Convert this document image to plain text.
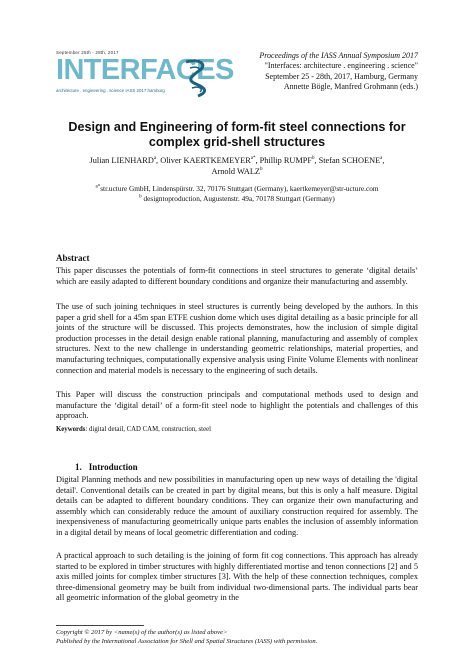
September 25th - 28th, 2017
INTERFACES
architecture . engineering . science IASS 2017 hamburg
Proceedings of the IASS Annual Symposium 2017
"Interfaces: architecture . engineering . science"
September 25 - 28th, 2017, Hamburg, Germany
Annette Bögle, Manfred Grohmann (eds.)
Design and Engineering of form-fit steel connections for
complex grid-shell structures
Julian LIENHARD$^a$, Oliver $KAERTKEMEYER^{a*}$, Phillip RUMPF$^b$, Stefan SCHOENE$^a$,
Arnold WALZ$^b$
$^{a*}$str.ucture GmbH, Lindenspürstr. 32, 70176 Stuttgart (Germany), kaertkemeyer@str-ucture.com
$^b$ designtoproduction, Augustenstr. 49a, 70178 Stuttgart (Germany)
Abstract

This paper discusses the potentials of form-fit connections in steel structures to generate ‘digital details’ which are easily adapted to different boundary conditions and organize their manufacturing and assembly.

The use of such joining techniques in steel structures is currently being developed by the authors. In this paper a grid shell for a 45m span ETFE cushion dome which uses digital detailing as a basic principle for all joints of the structure will be discussed. This projects demonstrates, how the inclusion of simple digital production processes in the detail design enable rational planning, manufacturing and assembly of complex structures. Next to the new challenge in understanding geometric relationships, material properties, and manufacturing techniques, computationally expensive analysis using Finite Volume Elements with nonlinear connection and material models is necessary to the engineering of such details.

This Paper will discuss the construction principals and computational methods used to design and manufacture the ‘digital detail’ of a form-fit steel node to highlight the potentials and challenges of this approach.

Keywords: digital detail, CAD CAM, construction, steel
1. Introduction

Digital Planning methods and new possibilities in manufacturing open up new ways of detailing the 'digital detail'. Conventional details can be created in part by digital means, but this is only a half measure. Digital details can be adapted to different boundary conditions. They can organize their own manufacturing and assembly which can considerably reduce the amount of auxiliary construction required for assembly. The inexpensiveness of manufacturing geometrically unique parts enables the inclusion of assembly information in a digital detail by means of local geometric differentiation and coding.

A practical approach to such detailing is the joining of form fit cog connections. This approach has already started to be explored in timber structures with highly differentiated mortise and tenon connections [2] and 5 axis milled joints for complex timber structures [3]. With the help of these connection techniques, complex three-dimensional geometry may be built from individual two-dimensional parts. The individual parts bear all geometric information of the global geometry in the

Copyright © 2017 by <name(s) of the author(s) as listed above>
Published by the International Association for Shell and Spatial Structures (IASS) with permission.
